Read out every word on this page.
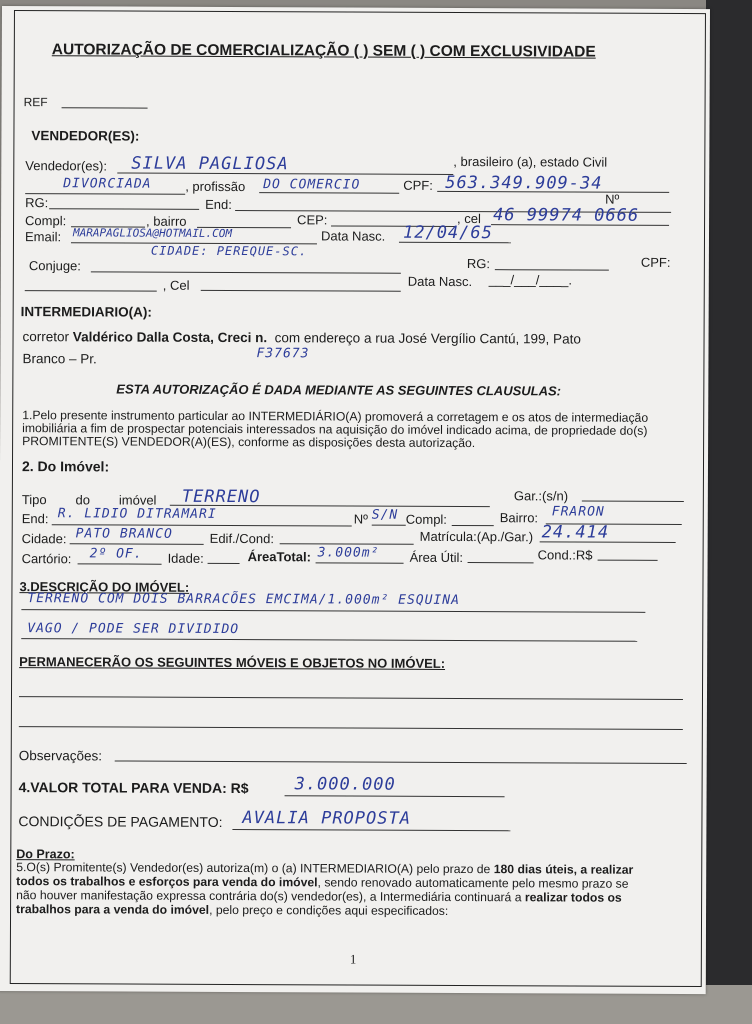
AUTORIZAÇÃO DE COMERCIALIZAÇÃO ( ) SEM ( ) COM EXCLUSIVIDADE
REF
VENDEDOR(ES):
Vendedor(es): SILVA PAGLIOSA	, brasileiro (a), estado Civil
DIVORCIADA	, profissão DO COMERCIO	CPF: 563.349.909-34
Nº
RG:	End:
Compl:	, bairro	CEP:	, cel 46 99974 0666
Email: MARAPAGLIOSA@HOTMAIL.COM	Data Nasc. 12/04/65
CIDADE: PEREQUE-SC.
Conjuge:	RG:	CPF:
, Cel	Data Nasc. ___/___/____.
INTERMEDIARIO(A):
corretor Valdérico Dalla Costa, Creci n. com endereço a rua José Vergílio Cantú, 199, Pato
Branco – Pr.	F37673
ESTA AUTORIZAÇÃO É DADA MEDIANTE AS SEGUINTES CLAUSULAS:
1.Pelo presente instrumento particular ao INTERMEDIÁRIO(A) promoverá a corretagem e os atos de intermediação
imobiliária a fim de prospectar potenciais interessados na aquisição do imóvel indicado acima, de propriedade do(s)
PROMITENTE(S) VENDEDOR(A)(ES), conforme as disposições desta autorização.
2. Do Imóvel:
Tipo        do        imóvel TERRENO	Gar.:(s/n)
End: R. LIDIO DITRAMARI	Nº S/N Compl:	Bairro: FRARON
Cidade: PATO BRANCO	Edif./Cond:	Matrícula:(Ap./Gar.) 24.414
Cartório: 2º OF. Idade:	ÁreaTotal: 3.000m² Área Útil:	Cond.:R$
3.DESCRIÇÃO DO IMÓVEL:
TERRENO COM DOIS BARRACÕES EMCIMA/1.000m² ESQUINA
VAGO / PODE SER DIVIDIDO
PERMANECERÃO OS SEGUINTES MÓVEIS E OBJETOS NO IMÓVEL:
Observações:
4.VALOR TOTAL PARA VENDA: R$	3.000.000
CONDIÇÕES DE PAGAMENTO: AVALIA PROPOSTA
Do Prazo:
5.O(s) Promitente(s) Vendedor(es) autoriza(m) o (a) INTERMEDIARIO(A) pelo prazo de 180 dias úteis, a realizar
todos os trabalhos e esforços para venda do imóvel, sendo renovado automaticamente pelo mesmo prazo se
não houver manifestação expressa contrária do(s) vendedor(es), a Intermediária continuará a realizar todos os
trabalhos para a venda do imóvel, pelo preço e condições aqui especificados:
1
